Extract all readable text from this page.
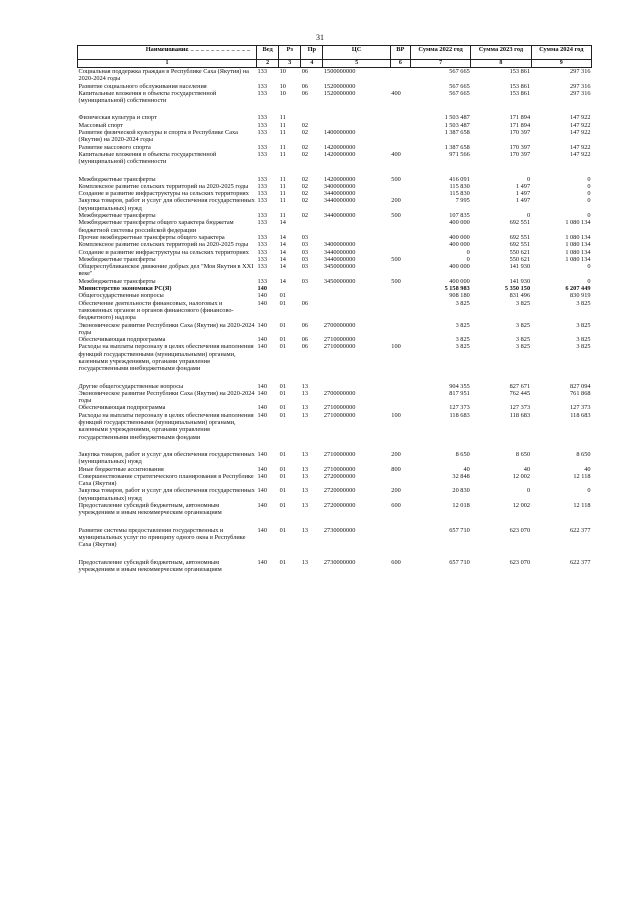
31
Наименование	Вед	Рз	Пр	ЦС	ВР	Сумма 2022 год	Сумма 2023 год	Сумма 2024 год
1	2	3	4	5	6	7	8	9
Социальная поддержка граждан в Республике Саха (Якутия) на 2020-2024 годы	133	10	06	1500000000		567 665	153 861	297 316
Развитие социального обслуживания населения	133	10	06	1520000000		567 665	153 861	297 316
Капитальные вложения в объекты государственной (муниципальной) собственности	133	10	06	1520000000	400	567 665	153 861	297 316

Физическая культура и спорт	133	11				1 503 487	171 894	147 922
Массовый спорт	133	11	02			1 503 487	171 894	147 922
Развитие физической культуры и спорта в Республике Саха (Якутия) на 2020-2024 годы	133	11	02	1400000000		1 387 658	170 397	147 922
Развитие массового спорта	133	11	02	1420000000		1 387 658	170 397	147 922
Капитальные вложения в объекты государственной (муниципальной) собственности	133	11	02	1420000000	400	971 566	170 397	147 922

Межбюджетные трансферты	133	11	02	1420000000	500	416 091	0	0
Комплексное развитие сельских территорий на 2020-2025 годы	133	11	02	3400000000		115 830	1 497	0
Создание и развитие инфраструктуры на сельских территориях	133	11	02	3440000000		115 830	1 497	0
Закупка товаров, работ и услуг для обеспечения государственных (муниципальных) нужд	133	11	02	3440000000	200	7 995	1 497	0
Межбюджетные трансферты	133	11	02	3440000000	500	107 835	0	0
Межбюджетные трансферты общего характера бюджетам бюджетной системы российской федерации	133	14				400 000	692 551	1 080 134
Прочие межбюджетные трансферты общего характера	133	14	03			400 000	692 551	1 080 134
Комплексное развитие сельских территорий на 2020-2025 годы	133	14	03	3400000000		400 000	692 551	1 080 134
Создание и развитие инфраструктуры на сельских территориях	133	14	03	3440000000		0	550 621	1 080 134
Межбюджетные трансферты	133	14	03	3440000000	500	0	550 621	1 080 134
Общереспубликанское движение добрых дел "Моя Якутия в XXI веке"	133	14	03	3450000000		400 000	141 930	0
Межбюджетные трансферты	133	14	03	3450000000	500	400 000	141 930	0
Министерство экономики РС(Я)	140					5 158 983	5 350 150	6 207 449
Общегосударственные вопросы	140	01				908 180	831 496	830 919
Обеспечение деятельности финансовых, налоговых и таможенных органов и органов финансового (финансово-бюджетного) надзора	140	01	06			3 825	3 825	3 825
Экономическое развитие Республики Саха (Якутия) на 2020-2024 годы	140	01	06	2700000000		3 825	3 825	3 825
Обеспечивающая подпрограмма	140	01	06	2710000000		3 825	3 825	3 825
Расходы на выплаты персоналу в целях обеспечения выполнения функций государственными (муниципальными) органами, казенными учреждениями, органами управления государственными внебюджетными фондами	140	01	06	2710000000	100	3 825	3 825	3 825

Другие общегосударственные вопросы	140	01	13			904 355	827 671	827 094
Экономическое развитие Республики Саха (Якутия) на 2020-2024 годы	140	01	13	2700000000		817 951	762 445	761 868
Обеспечивающая подпрограмма	140	01	13	2710000000		127 373	127 373	127 373
Расходы на выплаты персоналу в целях обеспечения выполнения функций государственными (муниципальными) органами, казенными учреждениями, органами управления государственными внебюджетными фондами	140	01	13	2710000000	100	118 683	118 683	118 683

Закупка товаров, работ и услуг для обеспечения государственных (муниципальных) нужд	140	01	13	2710000000	200	8 650	8 650	8 650
Иные бюджетные ассигнования	140	01	13	2710000000	800	40	40	40
Совершенствование стратегического планирования в Республике Саха (Якутия)	140	01	13	2720000000		32 848	12 002	12 118
Закупка товаров, работ и услуг для обеспечения государственных (муниципальных) нужд	140	01	13	2720000000	200	20 830	0	0
Предоставление субсидий бюджетным, автономным учреждениям и иным некоммерческим организациям	140	01	13	2720000000	600	12 018	12 002	12 118

Развитие системы предоставления государственных и муниципальных услуг по принципу одного окна в Республике Саха (Якутия)	140	01	13	2730000000		657 710	623 070	622 377

Предоставление субсидий бюджетным, автономным учреждениям и иным некоммерческим организациям	140	01	13	2730000000	600	657 710	623 070	622 377
